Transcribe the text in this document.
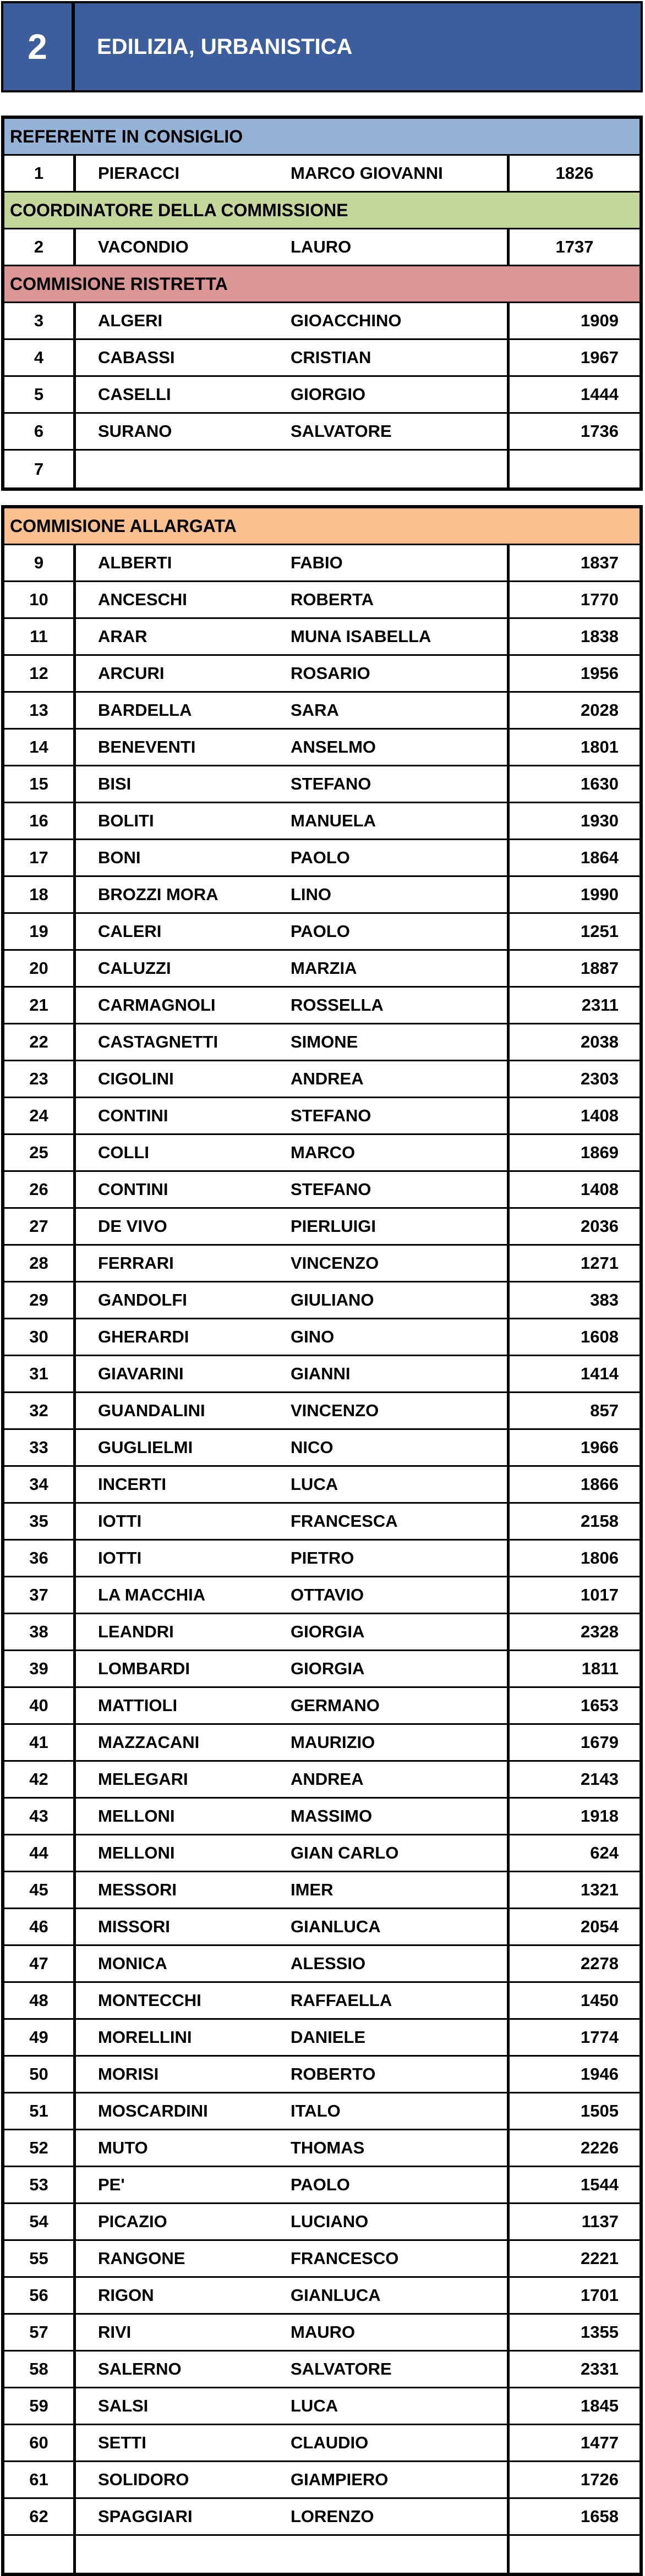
2	EDILIZIA, URBANISTICA
REFERENTE IN CONSIGLIO
1	PIERACCI	MARCO GIOVANNI	1826
COORDINATORE DELLA COMMISSIONE
2	VACONDIO	LAURO	1737
COMMISIONE RISTRETTA
3	ALGERI	GIOACCHINO	1909
4	CABASSI	CRISTIAN	1967
5	CASELLI	GIORGIO	1444
6	SURANO	SALVATORE	1736
7
COMMISIONE ALLARGATA
9	ALBERTI	FABIO	1837
10	ANCESCHI	ROBERTA	1770
11	ARAR	MUNA ISABELLA	1838
12	ARCURI	ROSARIO	1956
13	BARDELLA	SARA	2028
14	BENEVENTI	ANSELMO	1801
15	BISI	STEFANO	1630
16	BOLITI	MANUELA	1930
17	BONI	PAOLO	1864
18	BROZZI MORA	LINO	1990
19	CALERI	PAOLO	1251
20	CALUZZI	MARZIA	1887
21	CARMAGNOLI	ROSSELLA	2311
22	CASTAGNETTI	SIMONE	2038
23	CIGOLINI	ANDREA	2303
24	CONTINI	STEFANO	1408
25	COLLI	MARCO	1869
26	CONTINI	STEFANO	1408
27	DE VIVO	PIERLUIGI	2036
28	FERRARI	VINCENZO	1271
29	GANDOLFI	GIULIANO	383
30	GHERARDI	GINO	1608
31	GIAVARINI	GIANNI	1414
32	GUANDALINI	VINCENZO	857
33	GUGLIELMI	NICO	1966
34	INCERTI	LUCA	1866
35	IOTTI	FRANCESCA	2158
36	IOTTI	PIETRO	1806
37	LA MACCHIA	OTTAVIO	1017
38	LEANDRI	GIORGIA	2328
39	LOMBARDI	GIORGIA	1811
40	MATTIOLI	GERMANO	1653
41	MAZZACANI	MAURIZIO	1679
42	MELEGARI	ANDREA	2143
43	MELLONI	MASSIMO	1918
44	MELLONI	GIAN CARLO	624
45	MESSORI	IMER	1321
46	MISSORI	GIANLUCA	2054
47	MONICA	ALESSIO	2278
48	MONTECCHI	RAFFAELLA	1450
49	MORELLINI	DANIELE	1774
50	MORISI	ROBERTO	1946
51	MOSCARDINI	ITALO	1505
52	MUTO	THOMAS	2226
53	PE'	PAOLO	1544
54	PICAZIO	LUCIANO	1137
55	RANGONE	FRANCESCO	2221
56	RIGON	GIANLUCA	1701
57	RIVI	MAURO	1355
58	SALERNO	SALVATORE	2331
59	SALSI	LUCA	1845
60	SETTI	CLAUDIO	1477
61	SOLIDORO	GIAMPIERO	1726
62	SPAGGIARI	LORENZO	1658
